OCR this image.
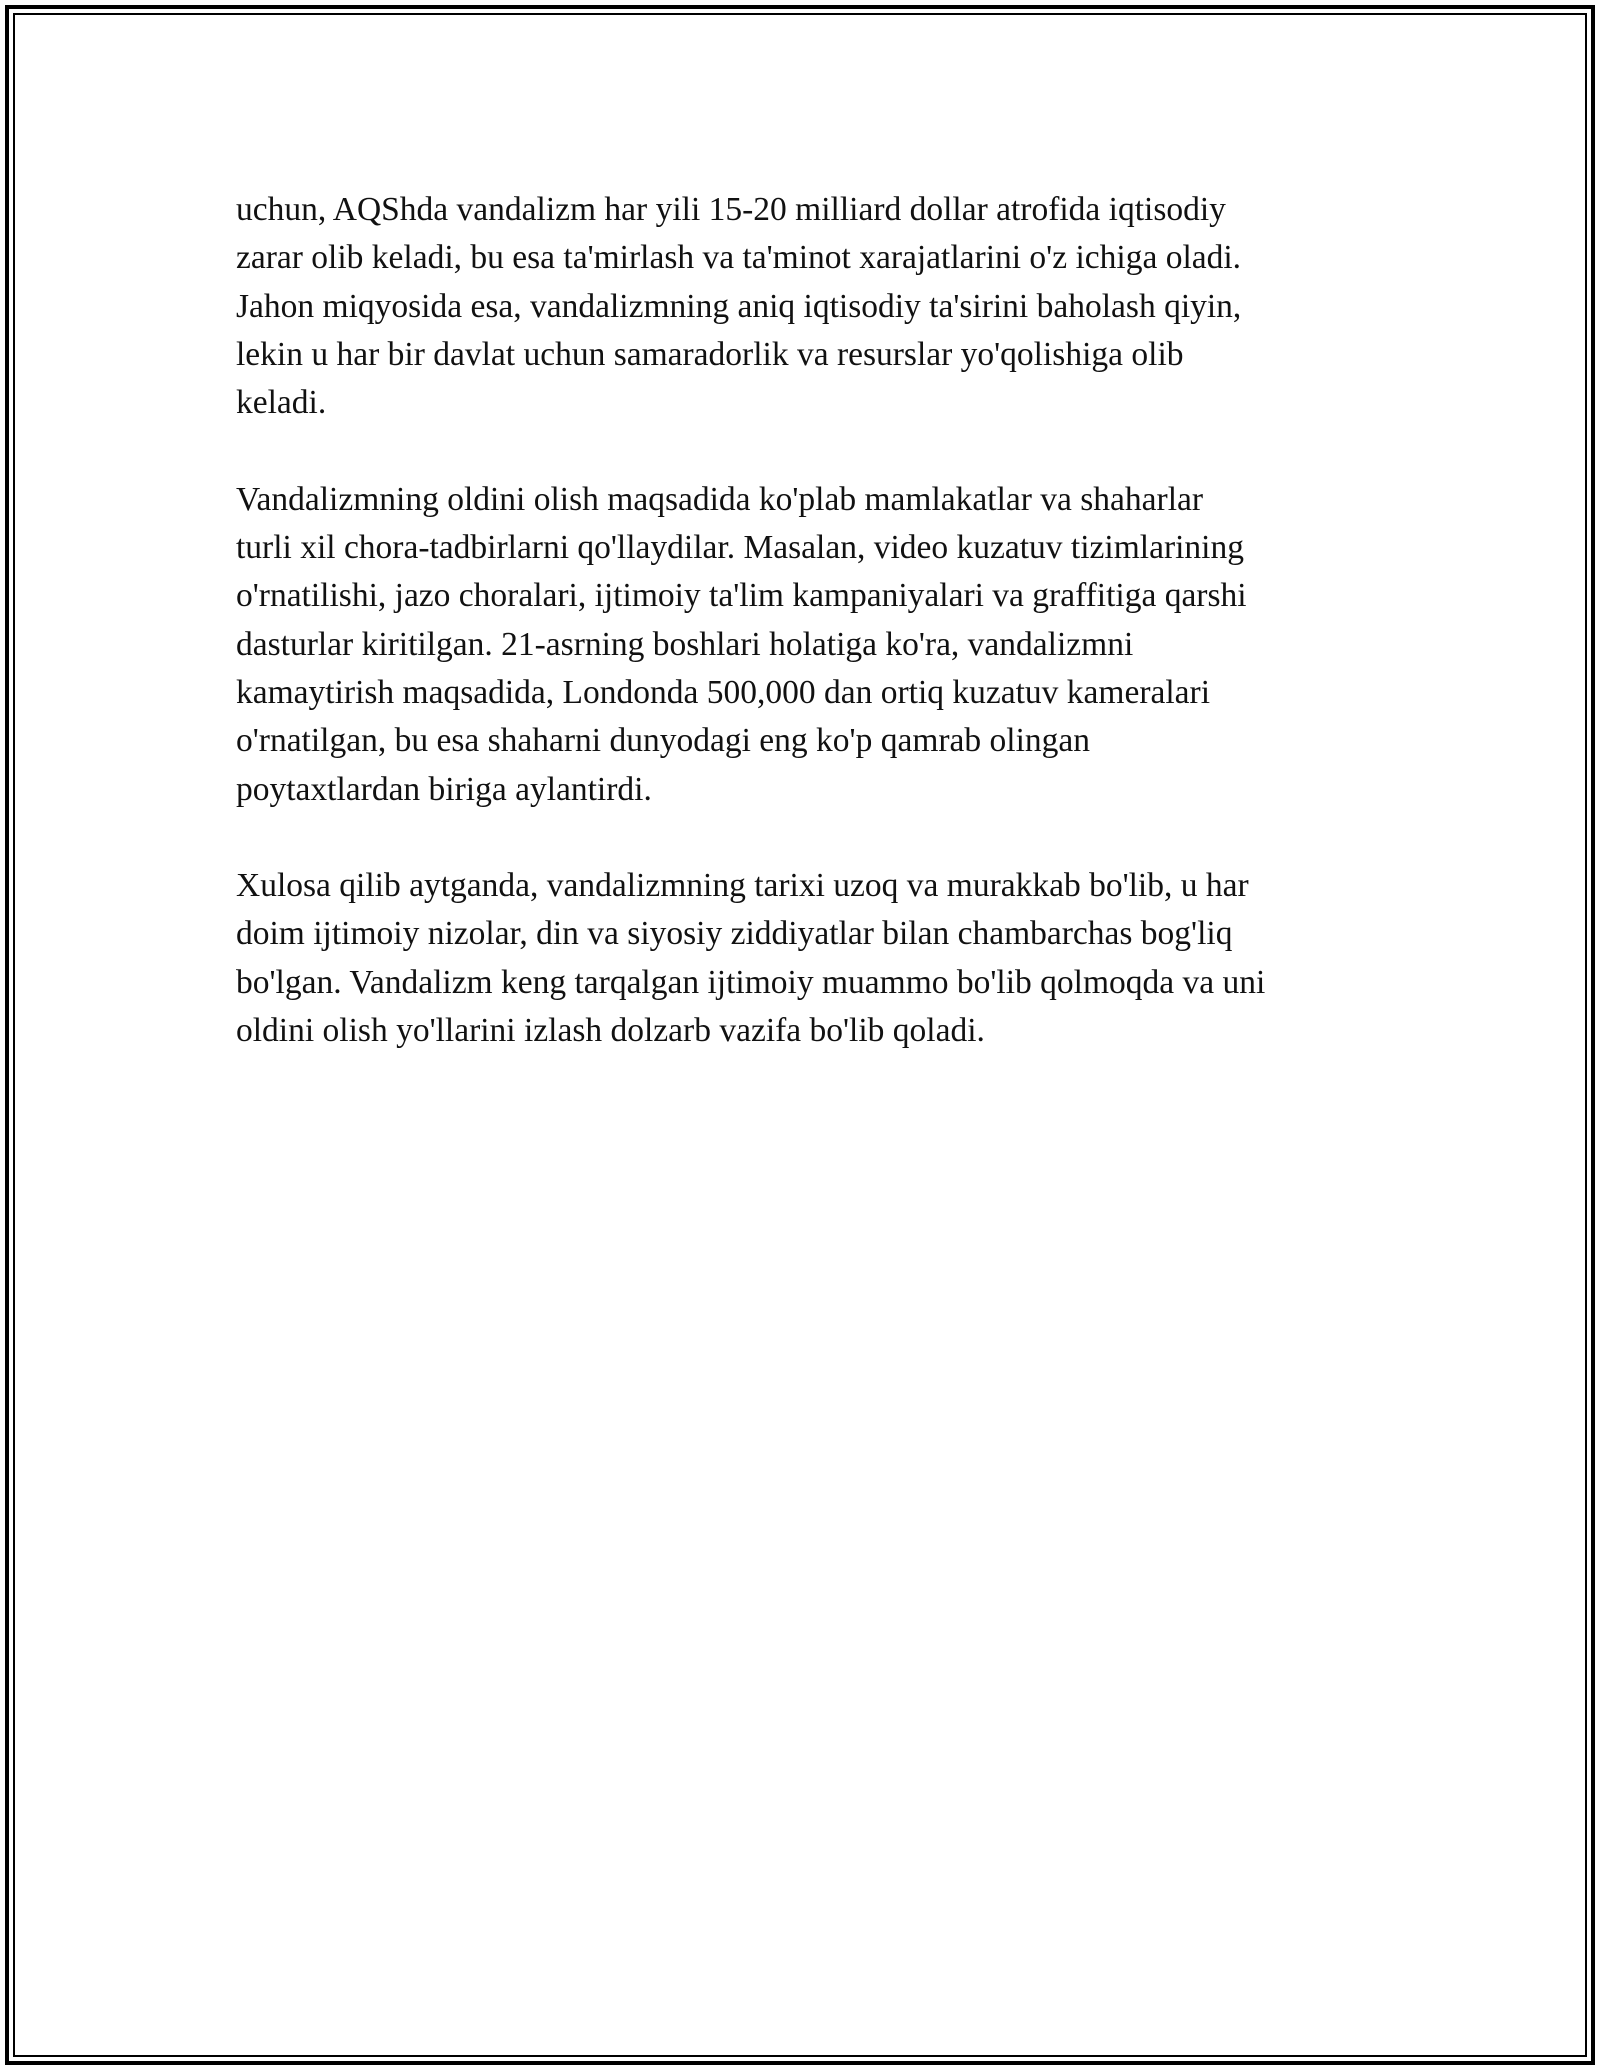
uchun, AQShda vandalizm har yili 15-20 milliard dollar atrofida iqtisodiy
zarar olib keladi, bu esa ta'mirlash va ta'minot xarajatlarini o'z ichiga oladi.
Jahon miqyosida esa, vandalizmning aniq iqtisodiy ta'sirini baholash qiyin,
lekin u har bir davlat uchun samaradorlik va resurslar yo'qolishiga olib
keladi.

Vandalizmning oldini olish maqsadida ko'plab mamlakatlar va shaharlar
turli xil chora-tadbirlarni qo'llaydilar. Masalan, video kuzatuv tizimlarining
o'rnatilishi, jazo choralari, ijtimoiy ta'lim kampaniyalari va graffitiga qarshi
dasturlar kiritilgan. 21-asrning boshlari holatiga ko'ra, vandalizmni
kamaytirish maqsadida, Londonda 500,000 dan ortiq kuzatuv kameralari
o'rnatilgan, bu esa shaharni dunyodagi eng ko'p qamrab olingan
poytaxtlardan biriga aylantirdi.

Xulosa qilib aytganda, vandalizmning tarixi uzoq va murakkab bo'lib, u har
doim ijtimoiy nizolar, din va siyosiy ziddiyatlar bilan chambarchas bog'liq
bo'lgan. Vandalizm keng tarqalgan ijtimoiy muammo bo'lib qolmoqda va uni
oldini olish yo'llarini izlash dolzarb vazifa bo'lib qoladi.
